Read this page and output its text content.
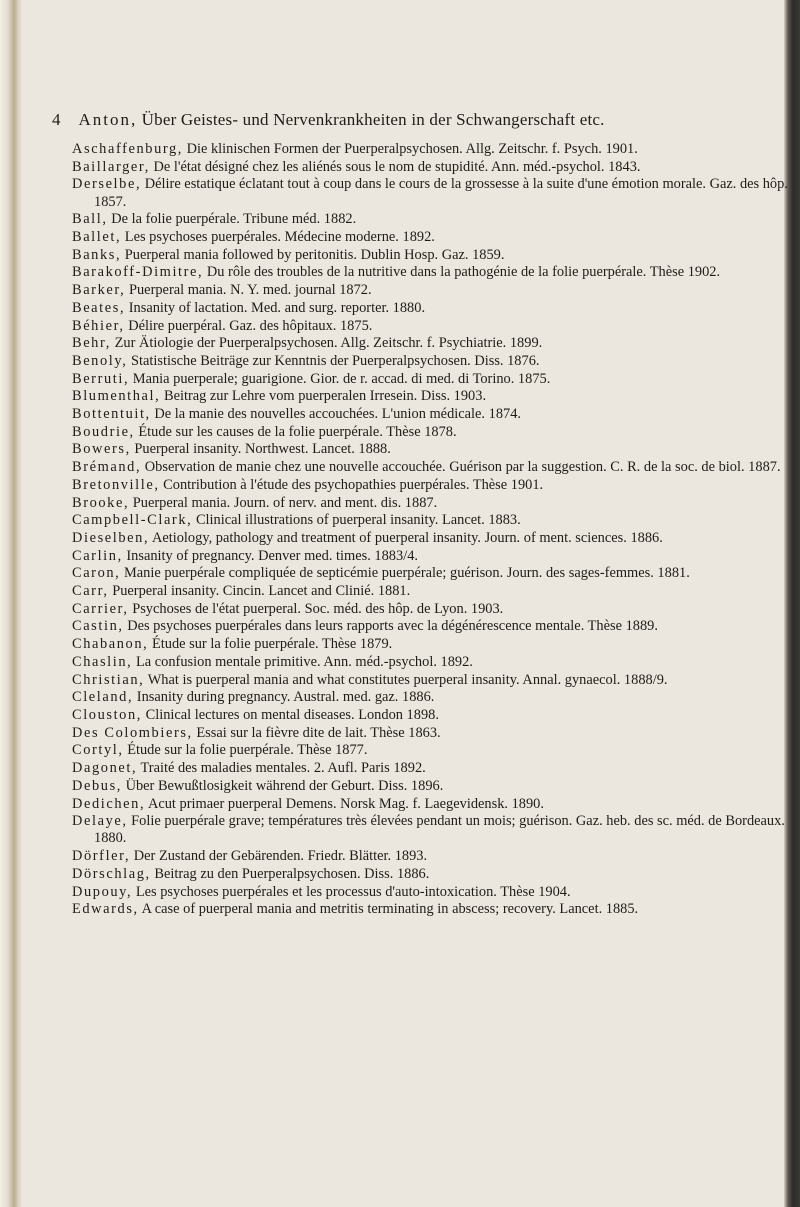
4 Anton, Über Geistes- und Nervenkrankheiten in der Schwangerschaft etc.
Aschaffenburg, Die klinischen Formen der Puerperalpsychosen. Allg. Zeitschr. f. Psych. 1901.
Baillarger, De l'état désigné chez les aliénés sous le nom de stupidité. Ann. méd.-psychol. 1843.
Derselbe, Délire estatique éclatant tout à coup dans le cours de la grossesse à la suite d'une émotion morale. Gaz. des hôp. 1857.
Ball, De la folie puerpérale. Tribune méd. 1882.
Ballet, Les psychoses puerpérales. Médecine moderne. 1892.
Banks, Puerperal mania followed by peritonitis. Dublin Hosp. Gaz. 1859.
Barakoff-Dimitre, Du rôle des troubles de la nutritive dans la pathogénie de la folie puerpérale. Thèse 1902.
Barker, Puerperal mania. N. Y. med. journal 1872.
Beates, Insanity of lactation. Med. and surg. reporter. 1880.
Béhier, Délire puerpéral. Gaz. des hôpitaux. 1875.
Behr, Zur Ätiologie der Puerperalpsychosen. Allg. Zeitschr. f. Psychiatrie. 1899.
Benoly, Statistische Beiträge zur Kenntnis der Puerperalpsychosen. Diss. 1876.
Berruti, Mania puerperale; guarigione. Gior. de r. accad. di med. di Torino. 1875.
Blumenthal, Beitrag zur Lehre vom puerperalen Irresein. Diss. 1903.
Bottentuit, De la manie des nouvelles accouchées. L'union médicale. 1874.
Boudrie, Étude sur les causes de la folie puerpérale. Thèse 1878.
Bowers, Puerperal insanity. Northwest. Lancet. 1888.
Brémand, Observation de manie chez une nouvelle accouchée. Guérison par la suggestion. C. R. de la soc. de biol. 1887.
Bretonville, Contribution à l'étude des psychopathies puerpérales. Thèse 1901.
Brooke, Puerperal mania. Journ. of nerv. and ment. dis. 1887.
Campbell-Clark, Clinical illustrations of puerperal insanity. Lancet. 1883.
Dieselben, Aetiology, pathology and treatment of puerperal insanity. Journ. of ment. sciences. 1886.
Carlin, Insanity of pregnancy. Denver med. times. 1883/4.
Caron, Manie puerpérale compliquée de septicémie puerpérale; guérison. Journ. des sages-femmes. 1881.
Carr, Puerperal insanity. Cincin. Lancet and Clinié. 1881.
Carrier, Psychoses de l'état puerperal. Soc. méd. des hôp. de Lyon. 1903.
Castin, Des psychoses puerpérales dans leurs rapports avec la dégénérescence mentale. Thèse 1889.
Chabanon, Étude sur la folie puerpérale. Thèse 1879.
Chaslin, La confusion mentale primitive. Ann. méd.-psychol. 1892.
Christian, What is puerperal mania and what constitutes puerperal insanity. Annal. gynaecol. 1888/9.
Cleland, Insanity during pregnancy. Austral. med. gaz. 1886.
Clouston, Clinical lectures on mental diseases. London 1898.
Des Colombiers, Essai sur la fièvre dite de lait. Thèse 1863.
Cortyl, Étude sur la folie puerpérale. Thèse 1877.
Dagonet, Traité des maladies mentales. 2. Aufl. Paris 1892.
Debus, Über Bewußtlosigkeit während der Geburt. Diss. 1896.
Dedichen, Acut primaer puerperal Demens. Norsk Mag. f. Laegevidensk. 1890.
Delaye, Folie puerpérale grave; températures très élevées pendant un mois; guérison. Gaz. heb. des sc. méd. de Bordeaux. 1880.
Dörfler, Der Zustand der Gebärenden. Friedr. Blätter. 1893.
Dörschlag, Beitrag zu den Puerperalpsychosen. Diss. 1886.
Dupouy, Les psychoses puerpérales et les processus d'auto-intoxication. Thèse 1904.
Edwards, A case of puerperal mania and metritis terminating in abscess; recovery. Lancet. 1885.
